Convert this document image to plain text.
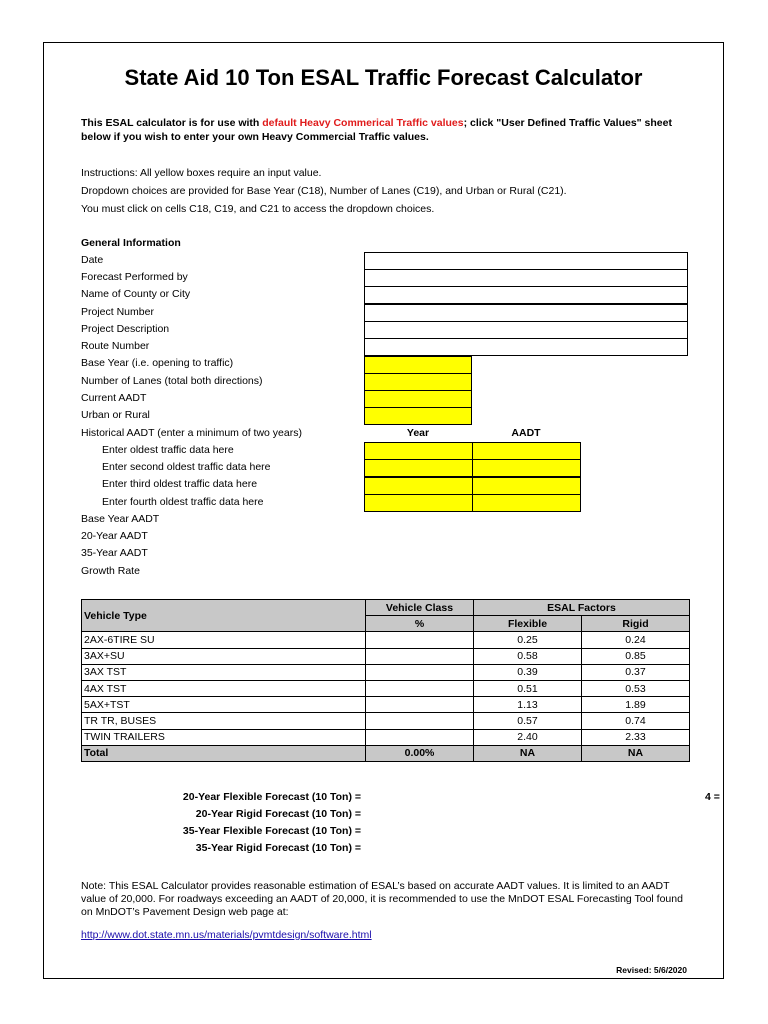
State Aid 10 Ton ESAL Traffic Forecast Calculator
This ESAL calculator is for use with default Heavy Commerical Traffic values; click "User Defined Traffic Values" sheet below if you wish to enter your own Heavy Commercial Traffic values.
Instructions: All yellow boxes require an input value.
Dropdown choices are provided for Base Year (C18), Number of Lanes (C19), and Urban or Rural (C21).
You must click on cells C18, C19, and C21 to access the dropdown choices.
General Information
Date
Forecast Performed by
Name of County or City
Project Number
Project Description
Route Number
Base Year (i.e. opening to traffic)
Number of Lanes (total both directions)
Current AADT
Urban or Rural
Historical AADT (enter a minimum of two years)
Enter oldest traffic data here
Enter second oldest traffic data here
Enter third oldest traffic data here
Enter fourth oldest traffic data here
Base Year AADT
20-Year AADT
35-Year AADT
Growth Rate
Year	AADT
Vehicle Type	Vehicle Class	ESAL Factors	
	%	Flexible	Rigid
2AX-6TIRE SU		0.25	0.24
3AX+SU		0.58	0.85
3AX TST		0.39	0.37
4AX TST		0.51	0.53
5AX+TST		1.13	1.89
TR TR, BUSES		0.57	0.74
TWIN TRAILERS		2.40	2.33
Total	0.00%	NA	NA
20-Year Flexible Forecast (10 Ton) =
20-Year Rigid Forecast (10 Ton) =
35-Year Flexible Forecast (10 Ton) =
35-Year Rigid Forecast (10 Ton) =
4 =
Note: This ESAL Calculator provides reasonable estimation of ESAL’s based on accurate AADT values. It is limited to an AADT value of 20,000. For roadways exceeding an AADT of 20,000, it is recommended to use the MnDOT ESAL Forecasting Tool found on MnDOT’s Pavement Design web page at:
http://www.dot.state.mn.us/materials/pvmtdesign/software.html
Revised: 5/6/2020
